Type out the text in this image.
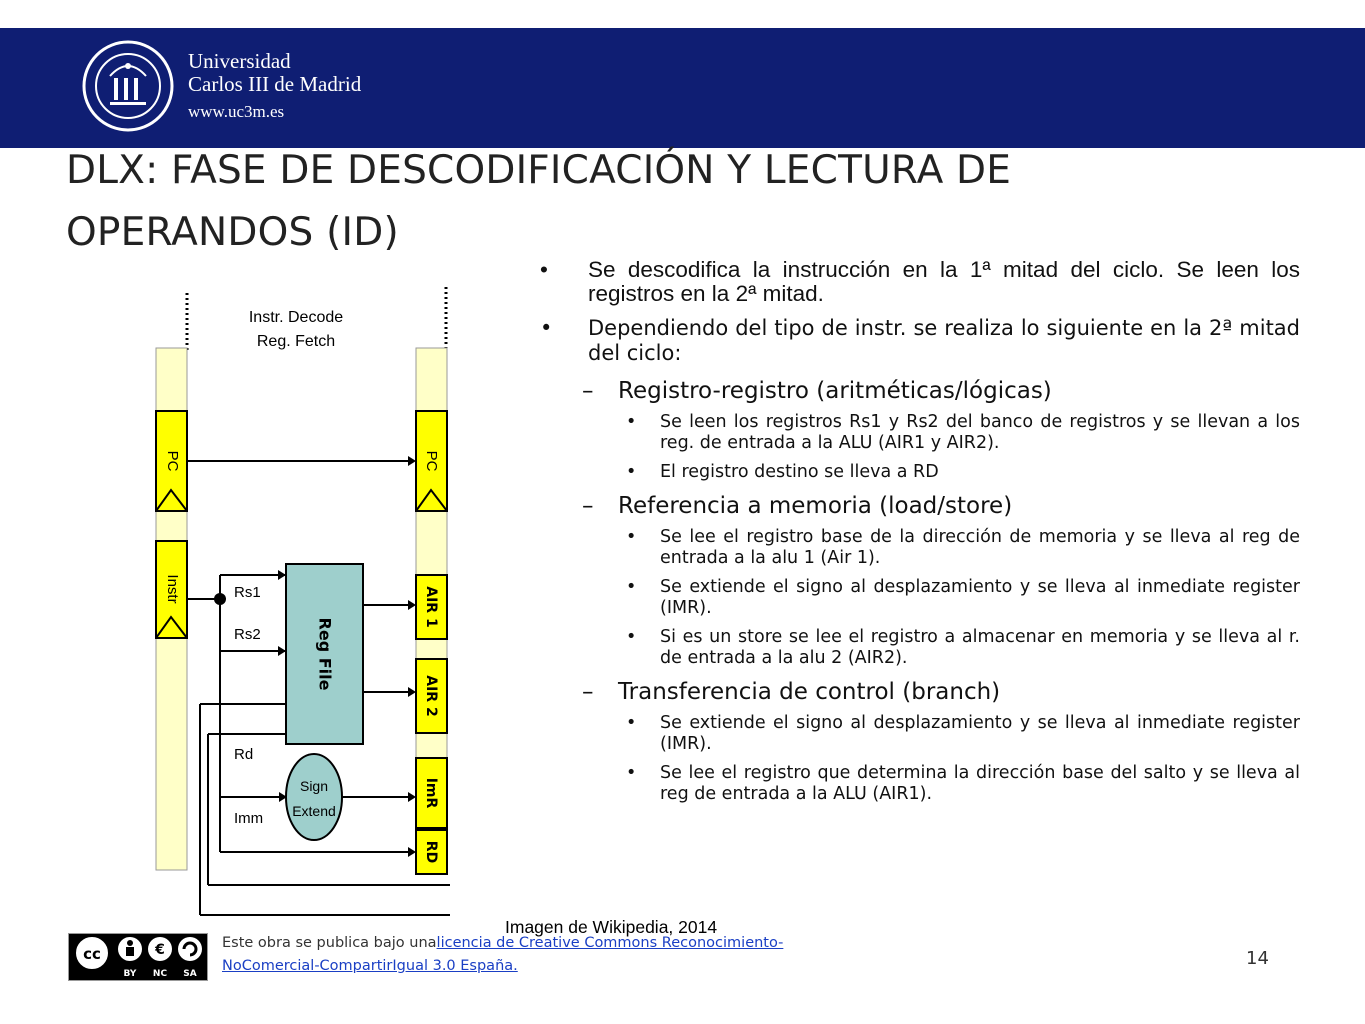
Universidad
Carlos III de Madrid
www.uc3m.es
DLX: FASE DE DESCODIFICACIÓN Y LECTURA DE
OPERANDOS (ID)
Instr. Decode
Reg. Fetch
PC
Instr
PC
Rs1
Rs2
Rd
Imm
Reg File
Sign
Extend
AIR 1
AIR 2
ImR
RD
• Se descodifica la instrucción en la 1ª mitad del ciclo. Se leen los registros en la 2ª mitad.
• Dependiendo del tipo de instr. se realiza lo siguiente en la 2ª mitad del ciclo:
– Registro-registro (aritméticas/lógicas)
• Se leen los registros Rs1 y Rs2 del banco de registros y se llevan a los reg. de entrada a la ALU (AIR1 y AIR2).
• El registro destino se lleva a RD
– Referencia a memoria (load/store)
• Se lee el registro base de la dirección de memoria y se lleva al reg de entrada a la alu 1 (Air 1).
• Se extiende el signo al desplazamiento y se lleva al inmediate register (IMR).
• Si es un store se lee el registro a almacenar en memoria y se lleva al r. de entrada a la alu 2 (AIR2).
– Transferencia de control (branch)
• Se extiende el signo al desplazamiento y se lleva al inmediate register (IMR).
• Se lee el registro que determina la dirección base del salto y se lleva al reg de entrada a la ALU (AIR1).
cc	€
BY NC SA
Este obra se publica bajo unalicencia de Creative Commons Reconocimiento-
NoComercial-CompartirIgual 3.0 España.
Imagen de Wikipedia, 2014
14
